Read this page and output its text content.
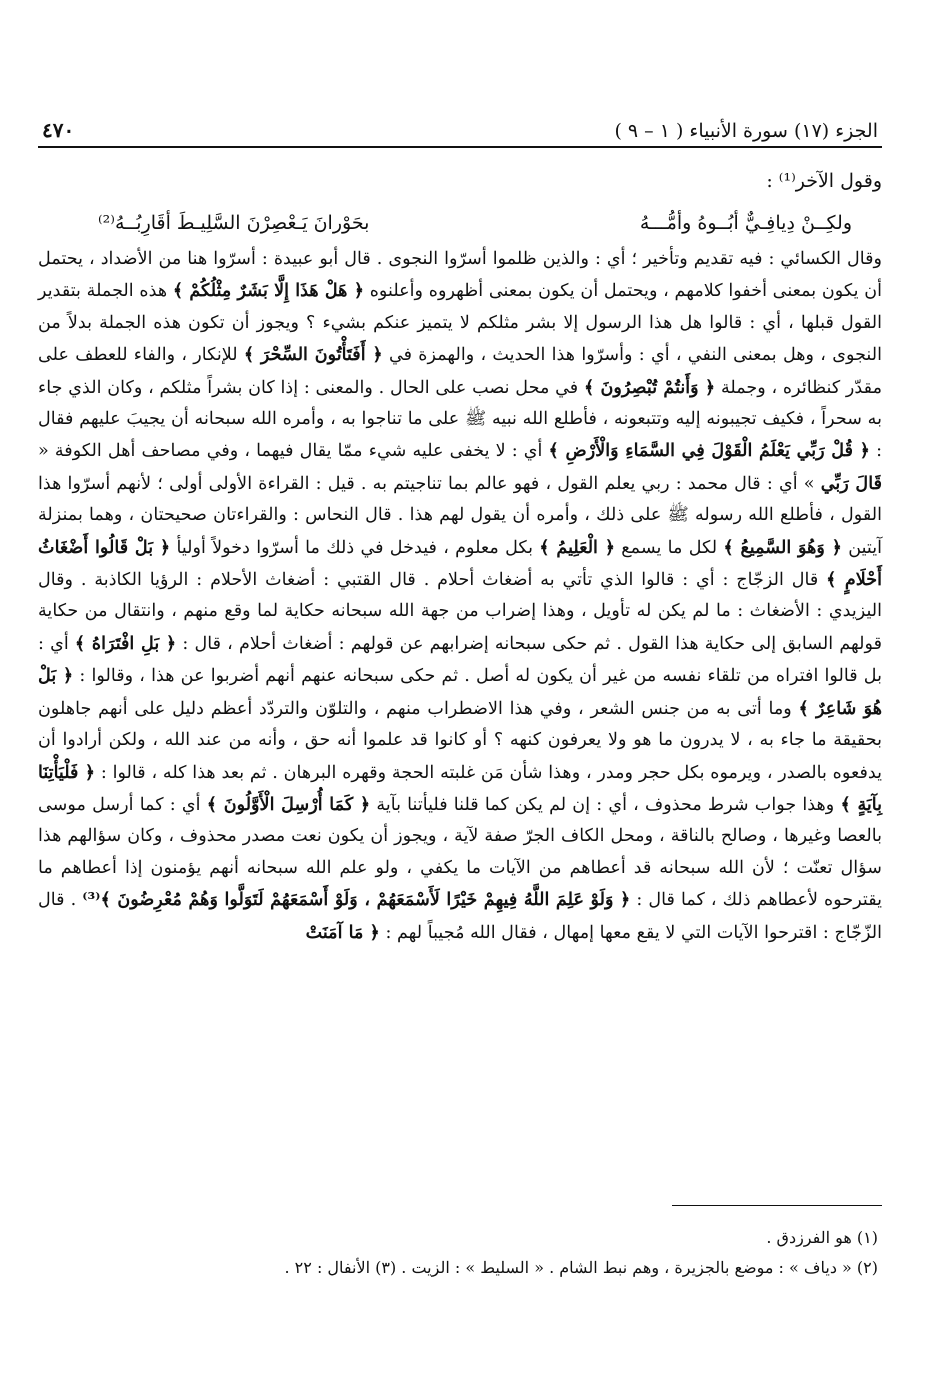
الجزء (١٧) سورة الأنبياء ( ١ – ٩ )
٤٧٠
وقول الآخر⁽¹⁾ :
ولكِــنْ دِيافِـيٌّ أبُــوهُ وأمُّـــهُ
بحَوْرانَ يَـعْصِرْنَ السَّلِيـطَ أقَارِبُــهُ⁽²⁾

وقال الكسائي : فيه تقديم وتأخير ؛ أي : والذين ظلموا أسرّوا النجوى . قال أبو عبيدة : أسرّوا هنا من الأضداد ، يحتمل أن يكون بمعنى أخفوا كلامهم ، ويحتمل أن يكون بمعنى أظهروه وأعلنوه ﴿ هَلْ هَذَا إِلَّا بَشَرٌ مِثْلُكُمْ ﴾ هذه الجملة بتقدير القول قبلها ، أي : قالوا هل هذا الرسول إلا بشر مثلكم لا يتميز عنكم بشيء ؟ ويجوز أن تكون هذه الجملة بدلاً من النجوى ، وهل بمعنى النفي ، أي : وأسرّوا هذا الحديث ، والهمزة في ﴿ أَفَتَأْتُونَ السِّحْرَ ﴾ للإنكار ، والفاء للعطف على مقدّر كنظائره ، وجملة ﴿ وَأَنتُمْ تُبْصِرُونَ ﴾ في محل نصب على الحال . والمعنى : إذا كان بشراً مثلكم ، وكان الذي جاء به سحراً ، فكيف تجيبونه إليه وتتبعونه ، فأطلع الله نبيه ﷺ على ما تناجوا به ، وأمره الله سبحانه أن يجيبَ عليهم فقال : ﴿ قُلْ رَبِّي يَعْلَمُ الْقَوْلَ فِي السَّمَاءِ وَالْأَرْضِ ﴾ أي : لا يخفى عليه شيء ممّا يقال فيهما ، وفي مصاحف أهل الكوفة « قَالَ رَبِّي » أي : قال محمد : ربي يعلم القول ، فهو عالم بما تناجيتم به . قيل : القراءة الأولى أولى ؛ لأنهم أسرّوا هذا القول ، فأطلع الله رسوله ﷺ على ذلك ، وأمره أن يقول لهم هذا . قال النحاس : والقراءتان صحيحتان ، وهما بمنزلة آيتين ﴿ وَهُوَ السَّمِيعُ ﴾ لكل ما يسمع ﴿ الْعَلِيمُ ﴾ بكل معلوم ، فيدخل في ذلك ما أسرّوا دخولاً أوليأ ﴿ بَلْ قَالُوا أَضْغَاثُ أَحْلَامٍ ﴾ قال الزجّاج : أي : قالوا الذي تأتي به أضغاث أحلام . قال القتبي : أضغاث الأحلام : الرؤيا الكاذبة . وقال اليزيدي : الأضغاث : ما لم يكن له تأويل ، وهذا إضراب من جهة الله سبحانه حكاية لما وقع منهم ، وانتقال من حكاية قولهم السابق إلى حكاية هذا القول . ثم حكى سبحانه إضرابهم عن قولهم : أضغاث أحلام ، قال : ﴿ بَلِ افْتَرَاهُ ﴾ أي : بل قالوا افتراه من تلقاء نفسه من غير أن يكون له أصل . ثم حكى سبحانه عنهم أنهم أضربوا عن هذا ، وقالوا : ﴿ بَلْ هُوَ شَاعِرٌ ﴾ وما أتى به من جنس الشعر ، وفي هذا الاضطراب منهم ، والتلوّن والتردّد أعظم دليل على أنهم جاهلون بحقيقة ما جاء به ، لا يدرون ما هو ولا يعرفون كنهه ؟ أو كانوا قد علموا أنه حق ، وأنه من عند الله ، ولكن أرادوا أن يدفعوه بالصدر ، ويرموه بكل حجر ومدر ، وهذا شأن مَن غلبته الحجة وقهره البرهان . ثم بعد هذا كله ، قالوا : ﴿ فَلْيَأْتِنَا بِآيَةٍ ﴾ وهذا جواب شرط محذوف ، أي : إن لم يكن كما قلنا فليأتنا بآية ﴿ كَمَا أُرْسِلَ الْأَوَّلُونَ ﴾ أي : كما أرسل موسى بالعصا وغيرها ، وصالح بالناقة ، ومحل الكاف الجرّ صفة لآية ، ويجوز أن يكون نعت مصدر محذوف ، وكان سؤالهم هذا سؤال تعنّت ؛ لأن الله سبحانه قد أعطاهم من الآيات ما يكفي ، ولو علم الله سبحانه أنهم يؤمنون إذا أعطاهم ما يقترحوه لأعطاهم ذلك ، كما قال : ﴿ وَلَوْ عَلِمَ اللَّهُ فِيهِمْ خَيْرًا لَأَسْمَعَهُمْ ، وَلَوْ أَسْمَعَهُمْ لَتَوَلَّوا وَهُمْ مُعْرِضُونَ ﴾⁽³⁾ . قال الزّجّاج : اقترحوا الآيات التي لا يقع معها إمهال ، فقال الله مُجيباً لهم : ﴿ مَا آمَنَتْ

(١) هو الفرزدق .
(٢) « دياف » : موضع بالجزيرة ، وهم نبط الشام . « السليط » : الزيت . (٣) الأنفال : ٢٢ .
